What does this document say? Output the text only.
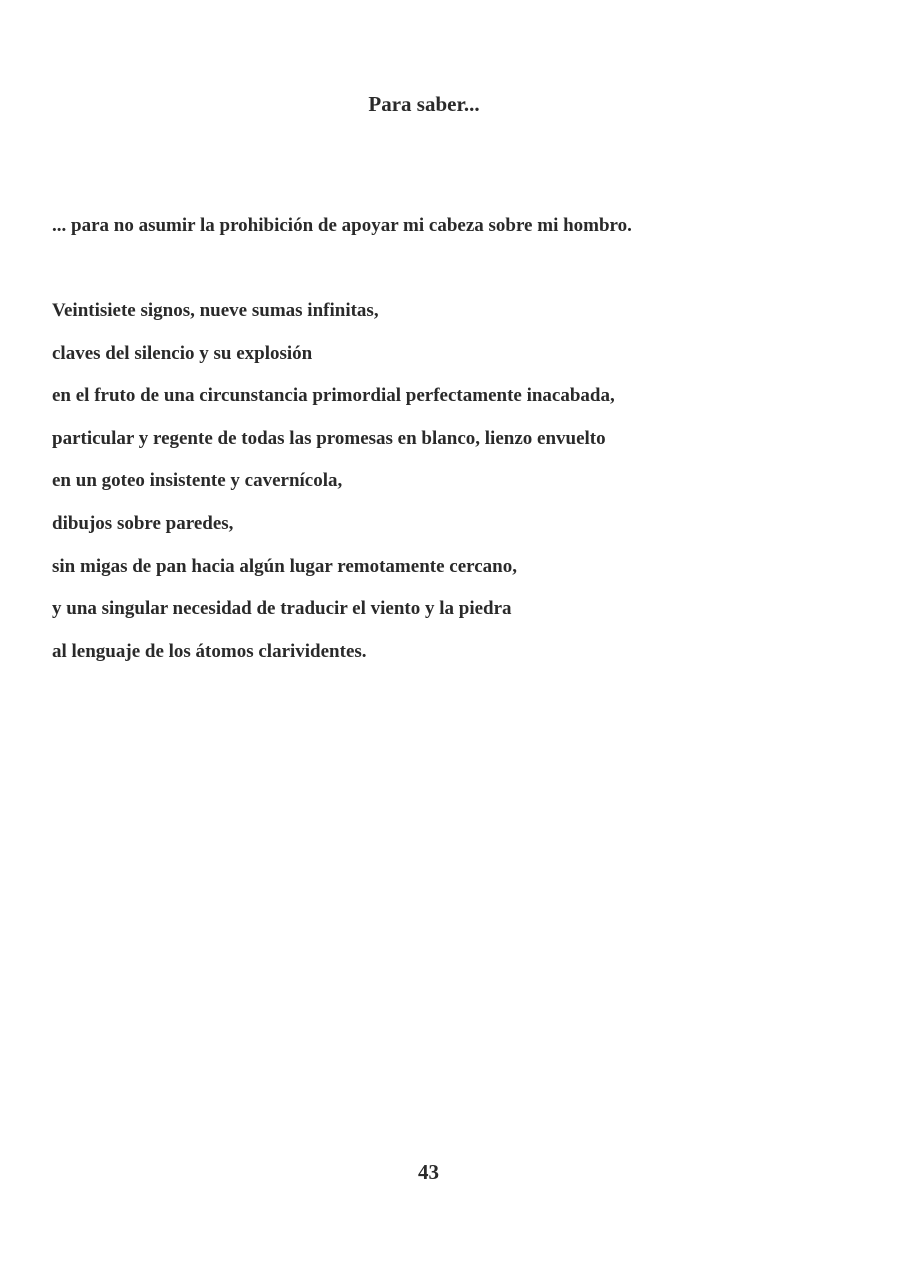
Para saber...
... para no asumir la prohibición de apoyar mi cabeza sobre mi hombro.
Veintisiete signos, nueve sumas infinitas,
claves del silencio y su explosión
en el fruto de una circunstancia primordial perfectamente inacabada,
particular y regente de todas las promesas en blanco, lienzo envuelto
en un goteo insistente y cavernícola,
dibujos sobre paredes,
sin migas de pan hacia algún lugar remotamente cercano,
y una singular necesidad de traducir el viento y la piedra
al lenguaje de los átomos clarividentes.
43
